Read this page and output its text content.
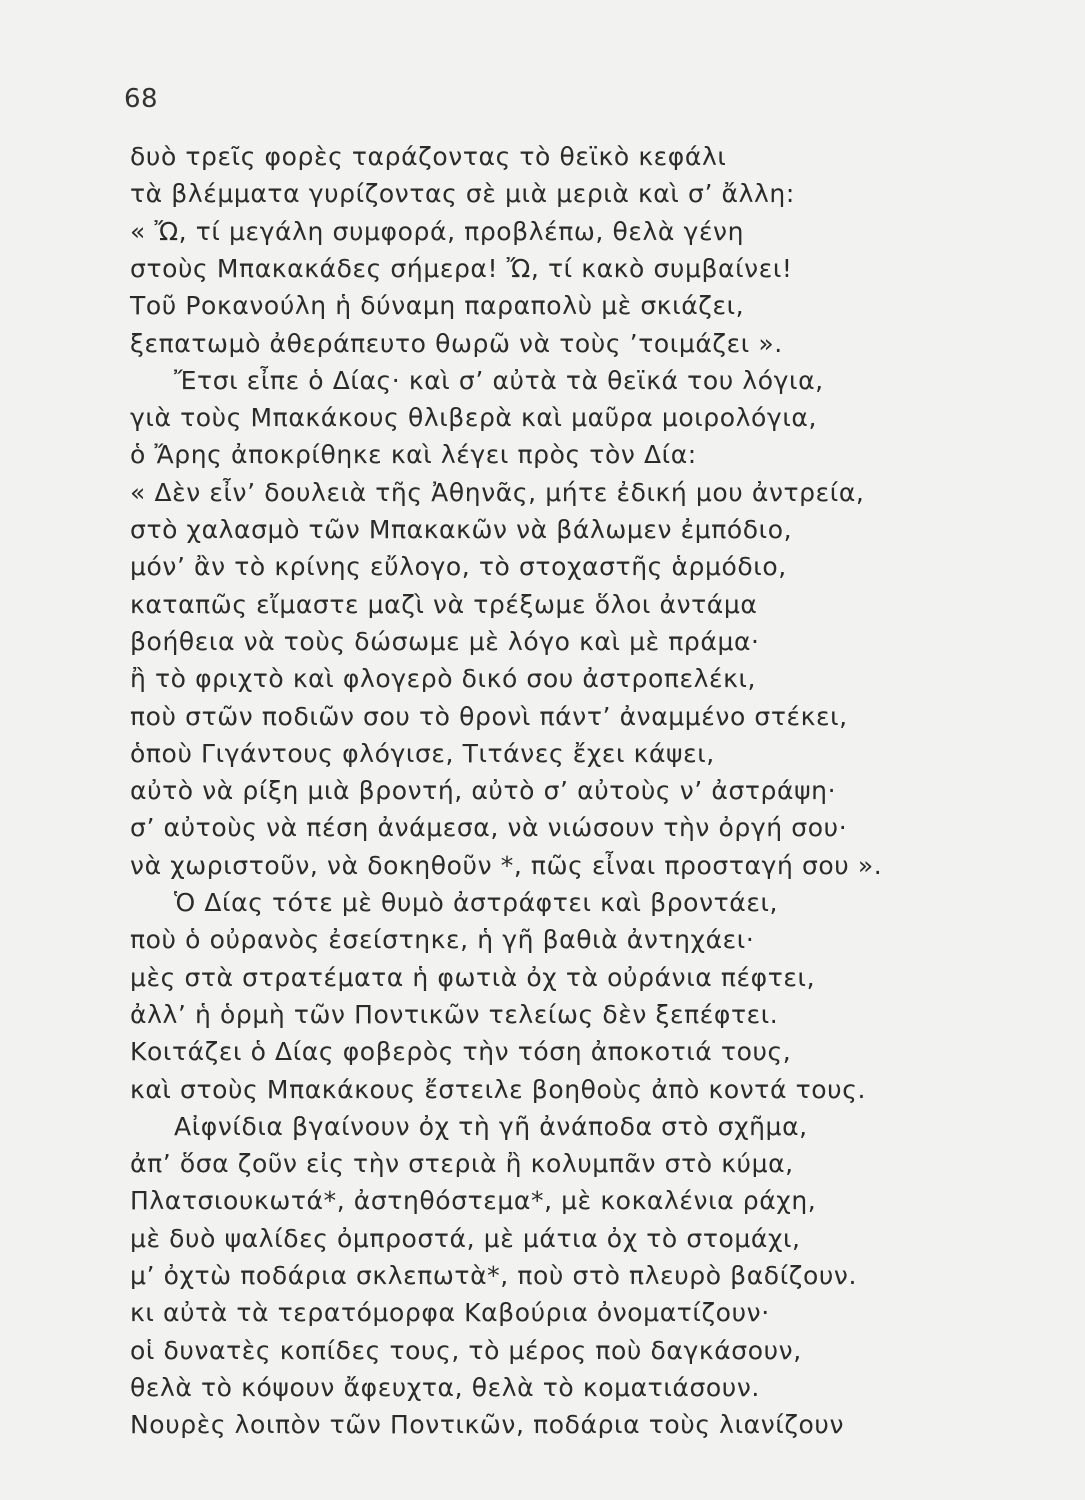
68
δυὸ τρεῖς φορὲς ταράζοντας τὸ θεϊκὸ κεφάλι
τὰ βλέμματα γυρίζοντας σὲ μιὰ μεριὰ καὶ σ’ ἄλλη:
« Ὤ, τί μεγάλη συμφορά, προβλέπω, θελὰ γένη
στοὺς Μπακακάδες σήμερα! Ὤ, τί κακὸ συμβαίνει!
Τοῦ Ροκανούλη ἡ δύναμη παραπολὺ μὲ σκιάζει,
ξεπατωμὸ ἀθεράπευτο θωρῶ νὰ τοὺς ’τοιμάζει ».
Ἔτσι εἶπε ὁ Δίας· καὶ σ’ αὐτὰ τὰ θεϊκά του λόγια,
γιὰ τοὺς Μπακάκους θλιβερὰ καὶ μαῦρα μοιρολόγια,
ὁ Ἄρης ἀποκρίθηκε καὶ λέγει πρὸς τὸν Δία:
« Δὲν εἶν’ δουλειὰ τῆς Ἀθηνᾶς, μήτε ἐδική μου ἀντρεία,
στὸ χαλασμὸ τῶν Μπακακῶν νὰ βάλωμεν ἐμπόδιο,
μόν’ ἂν τὸ κρίνης εὔλογο, τὸ στοχαστῆς ἁρμόδιο,
καταπῶς εἴμαστε μαζὶ νὰ τρέξωμε ὅλοι ἀντάμα
βοήθεια νὰ τοὺς δώσωμε μὲ λόγο καὶ μὲ πράμα·
ἢ τὸ φριχτὸ καὶ φλογερὸ δικό σου ἀστροπελέκι,
ποὺ στῶν ποδιῶν σου τὸ θρονὶ πάντ’ ἀναμμένο στέκει,
ὁποὺ Γιγάντους φλόγισε, Τιτάνες ἔχει κάψει,
αὐτὸ νὰ ρίξη μιὰ βροντή, αὐτὸ σ’ αὐτοὺς ν’ ἀστράψη·
σ’ αὐτοὺς νὰ πέση ἀνάμεσα, νὰ νιώσουν τὴν ὀργή σου·
νὰ χωριστοῦν, νὰ δοκηθοῦν *, πῶς εἶναι προσταγή σου ».
Ὁ Δίας τότε μὲ θυμὸ ἀστράφτει καὶ βροντάει,
ποὺ ὁ οὐρανὸς ἐσείστηκε, ἡ γῆ βαθιὰ ἀντηχάει·
μὲς στὰ στρατέματα ἡ φωτιὰ ὀχ τὰ οὐράνια πέφτει,
ἀλλ’ ἡ ὁρμὴ τῶν Ποντικῶν τελείως δὲν ξεπέφτει.
Κοιτάζει ὁ Δίας φοβερὸς τὴν τόση ἀποκοτιά τους,
καὶ στοὺς Μπακάκους ἔστειλε βοηθοὺς ἀπὸ κοντά τους.
Αἰφνίδια βγαίνουν ὀχ τὴ γῆ ἀνάποδα στὸ σχῆμα,
ἀπ’ ὅσα ζοῦν εἰς τὴν στεριὰ ἢ κολυμπᾶν στὸ κύμα,
Πλατσιουκωτά*, ἀστηθόστεμα*, μὲ κοκαλένια ράχη,
μὲ δυὸ ψαλίδες ὀμπροστά, μὲ μάτια ὀχ τὸ στομάχι,
μ’ ὀχτὼ ποδάρια σκλεπωτὰ*, ποὺ στὸ πλευρὸ βαδίζουν.
κι αὐτὰ τὰ τερατόμορφα Καβούρια ὀνοματίζουν·
οἱ δυνατὲς κοπίδες τους, τὸ μέρος ποὺ δαγκάσουν,
θελὰ τὸ κόψουν ἄφευχτα, θελὰ τὸ κοματιάσουν.
Νουρὲς λοιπὸν τῶν Ποντικῶν, ποδάρια τοὺς λιανίζουν
